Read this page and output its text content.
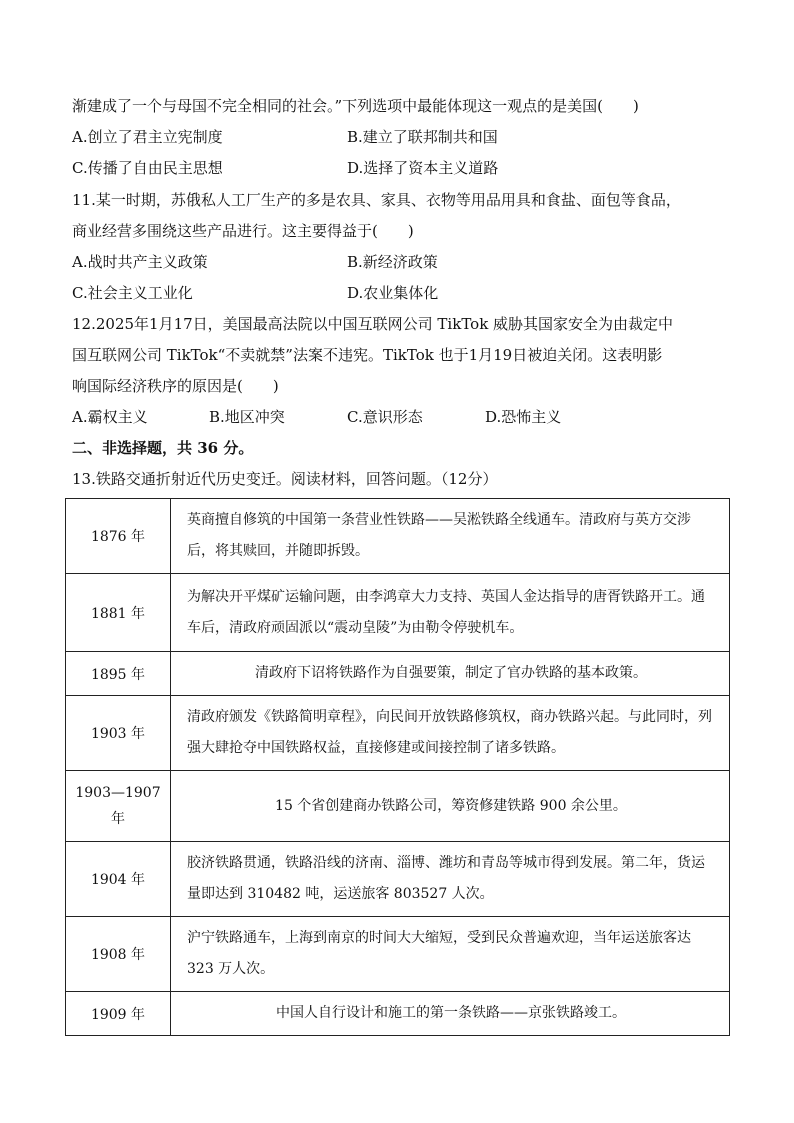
渐建成了一个与母国不完全相同的社会。”下列选项中最能体现这一观点的是美国(　　)
A.创立了君主立宪制度	B.建立了联邦制共和国
C.传播了自由民主思想	D.选择了资本主义道路
11.某一时期，苏俄私人工厂生产的多是农具、家具、衣物等用品用具和食盐、面包等食品，
商业经营多围绕这些产品进行。这主要得益于(　　)
A.战时共产主义政策	B.新经济政策
C.社会主义工业化	D.农业集体化
12.2025年1月17日，美国最高法院以中国互联网公司 TikTok 威胁其国家安全为由裁定中
国互联网公司 TikTok“不卖就禁”法案不违宪。TikTok 也于1月19日被迫关闭。这表明影
响国际经济秩序的原因是(　　)
A.霸权主义	B.地区冲突	C.意识形态	D.恐怖主义
二、非选择题，共 36 分。
13.铁路交通折射近代历史变迁。阅读材料，回答问题。（12分）
1876 年	英商擅自修筑的中国第一条营业性铁路——吴淞铁路全线通车。清政府与英方交涉后，将其赎回，并随即拆毁。
1881 年	为解决开平煤矿运输问题，由李鸿章大力支持、英国人金达指导的唐胥铁路开工。通车后，清政府顽固派以“震动皇陵”为由勒令停驶机车。
1895 年	清政府下诏将铁路作为自强要策，制定了官办铁路的基本政策。
1903 年	清政府颁发《铁路简明章程》，向民间开放铁路修筑权，商办铁路兴起。与此同时，列强大肆抢夺中国铁路权益，直接修建或间接控制了诸多铁路。
1903—1907 年	15 个省创建商办铁路公司，筹资修建铁路 900 余公里。
1904 年	胶济铁路贯通，铁路沿线的济南、淄博、潍坊和青岛等城市得到发展。第二年，货运量即达到 310482 吨，运送旅客 803527 人次。
1908 年	沪宁铁路通车，上海到南京的时间大大缩短，受到民众普遍欢迎，当年运送旅客达 323 万人次。
1909 年	中国人自行设计和施工的第一条铁路——京张铁路竣工。
